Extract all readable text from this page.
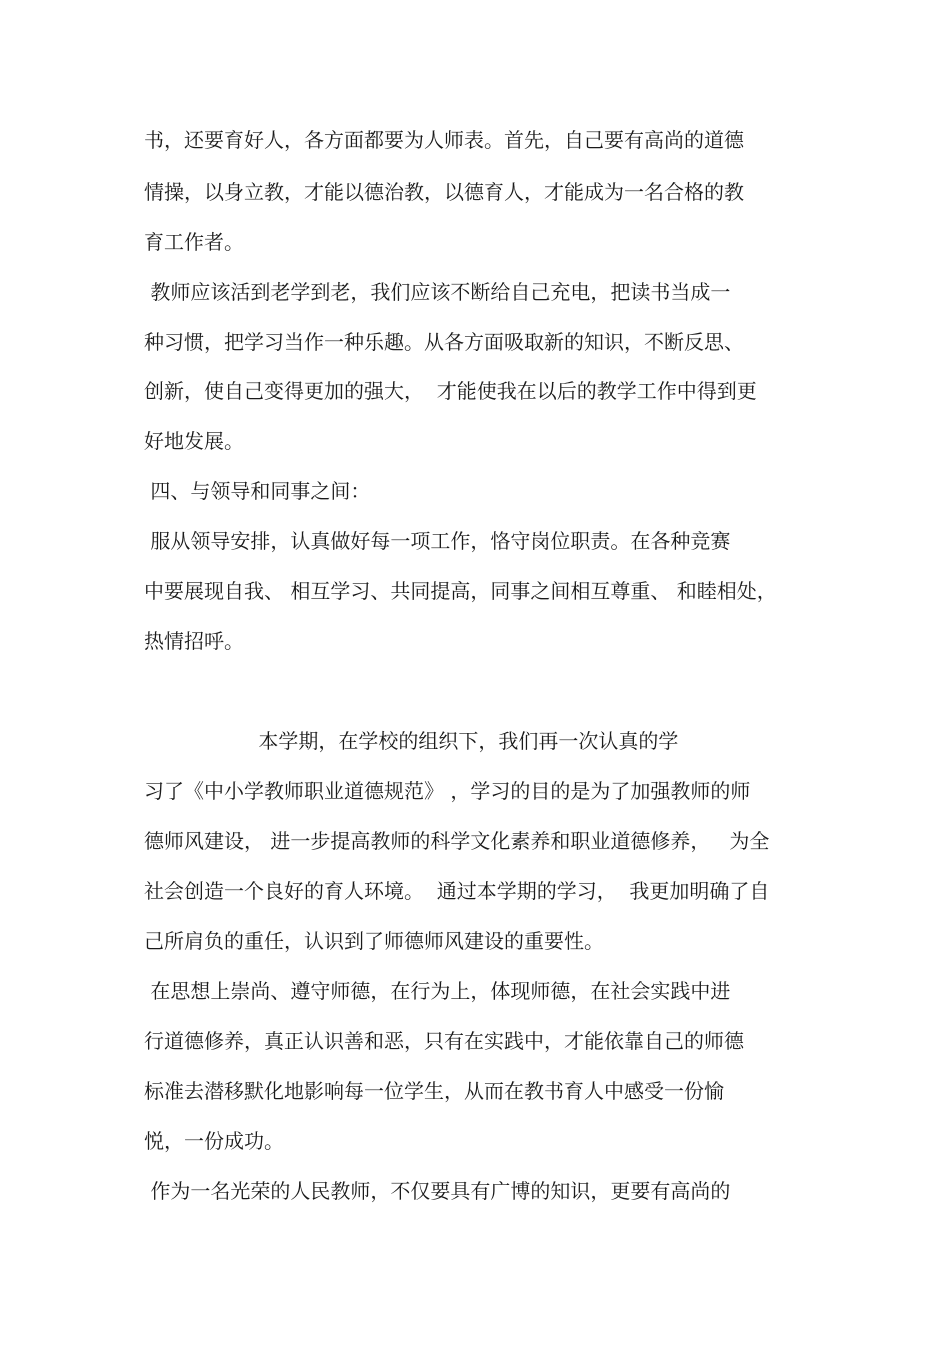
书，还要育好人，各方面都要为人师表。首先，自己要有高尚的道德

情操，以身立教，才能以德治教，以德育人，才能成为一名合格的教

育工作者。

教师应该活到老学到老，我们应该不断给自己充电，把读书当成一

种习惯，把学习当作一种乐趣。从各方面吸取新的知识，不断反思、

创新，使自己变得更加的强大，  才能使我在以后的教学工作中得到更

好地发展。

四、与领导和同事之间：

服从领导安排，认真做好每一项工作，恪守岗位职责。在各种竞赛

中要展现自我、 相互学习、共同提高，同事之间相互尊重、 和睦相处，

热情招呼。

本学期，在学校的组织下，我们再一次认真的学

习了《中小学教师职业道德规范》 ，学习的目的是为了加强教师的师

德师风建设， 进一步提高教师的科学文化素养和职业道德修养，   为全

社会创造一个良好的育人环境。  通过本学期的学习，  我更加明确了自

己所肩负的重任，认识到了师德师风建设的重要性。

在思想上崇尚、遵守师德，在行为上，体现师德，在社会实践中进

行道德修养，真正认识善和恶，只有在实践中，才能依靠自己的师德

标准去潜移默化地影响每一位学生，从而在教书育人中感受一份愉

悦，一份成功。

作为一名光荣的人民教师，不仅要具有广博的知识，更要有高尚的
